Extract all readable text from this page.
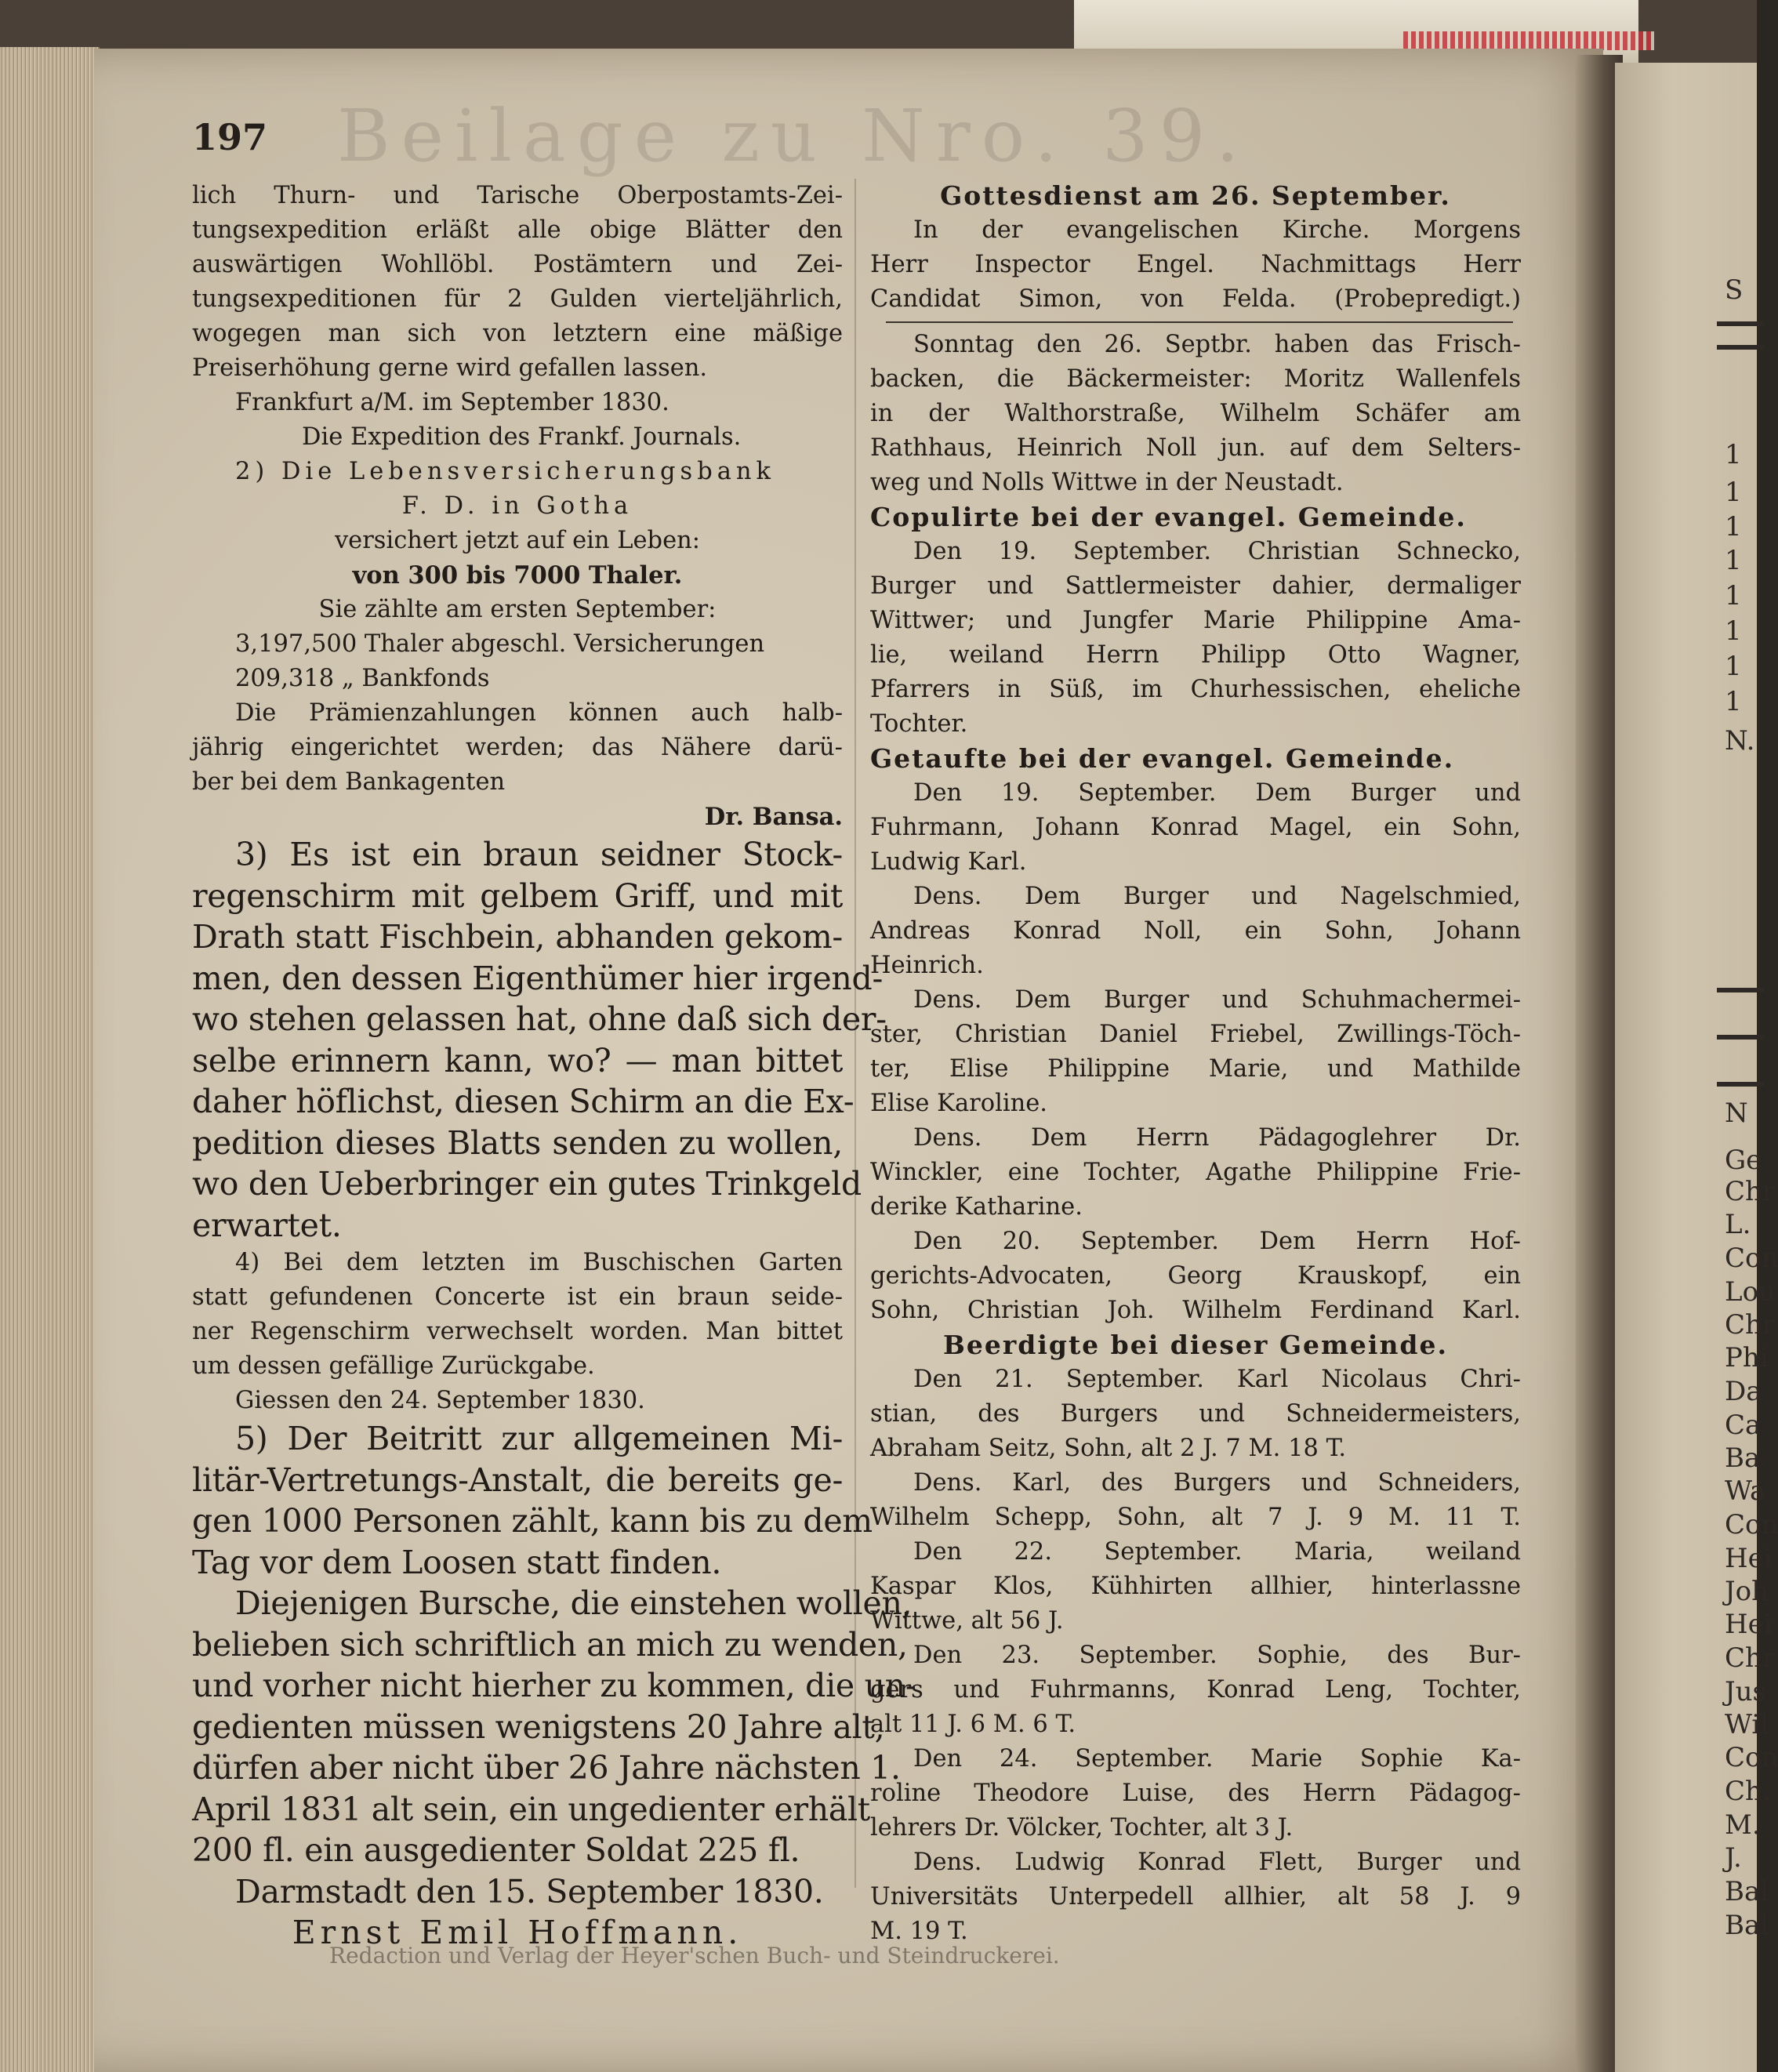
S
1
1
1
1
1
1
1
1
N.
N
Ge
Chr
L.
Con
Lou
Chr
Phi
Da
Ca
Ba
Wa
Con
Hei
Joh
Hei
Chr
Jus
Wil
Con
Ch.
M.
J.
Bal
Bal
Beilage zu Nro. 39.
197
lich Thurn- und Tarische Oberpostamts-Zei-
tungsexpedition erläßt alle obige Blätter den
auswärtigen Wohllöbl. Postämtern und Zei-
tungsexpeditionen für 2 Gulden vierteljährlich,
wogegen man sich von letztern eine mäßige
Preiserhöhung gerne wird gefallen lassen.
Frankfurt a/M. im September 1830.
Die Expedition des Frankf. Journals.
2) Die Lebensversicherungsbank
F. D. in Gotha
versichert jetzt auf ein Leben:
von 300 bis 7000 Thaler.
Sie zählte am ersten September:
3,197,500 Thaler abgeschl. Versicherungen
209,318 „ Bankfonds
Die Prämienzahlungen können auch halb-
jährig eingerichtet werden; das Nähere darü-
ber bei dem Bankagenten
Dr. Bansa.
3) Es ist ein braun seidner Stock-
regenschirm mit gelbem Griff, und mit
Drath statt Fischbein, abhanden gekom-
men, den dessen Eigenthümer hier irgend-
wo stehen gelassen hat, ohne daß sich der-
selbe erinnern kann, wo? — man bittet
daher höflichst, diesen Schirm an die Ex-
pedition dieses Blatts senden zu wollen,
wo den Ueberbringer ein gutes Trinkgeld
erwartet.
4) Bei dem letzten im Buschischen Garten
statt gefundenen Concerte ist ein braun seide-
ner Regenschirm verwechselt worden. Man bittet
um dessen gefällige Zurückgabe.
Giessen den 24. September 1830.
5) Der Beitritt zur allgemeinen Mi-
litär-Vertretungs-Anstalt, die bereits ge-
gen 1000 Personen zählt, kann bis zu dem
Tag vor dem Loosen statt finden.
Diejenigen Bursche, die einstehen wollen,
belieben sich schriftlich an mich zu wenden,
und vorher nicht hierher zu kommen, die un-
gedienten müssen wenigstens 20 Jahre alt,
dürfen aber nicht über 26 Jahre nächsten 1.
April 1831 alt sein, ein ungedienter erhält
200 fl. ein ausgedienter Soldat 225 fl.
Darmstadt den 15. September 1830.
Ernst Emil Hoffmann.
Gottesdienst am 26. September.
In der evangelischen Kirche. Morgens
Herr Inspector Engel. Nachmittags Herr
Candidat Simon, von Felda. (Probepredigt.)
Sonntag den 26. Septbr. haben das Frisch-
backen, die Bäckermeister: Moritz Wallenfels
in der Walthorstraße, Wilhelm Schäfer am
Rathhaus, Heinrich Noll jun. auf dem Selters-
weg und Nolls Wittwe in der Neustadt.
Copulirte bei der evangel. Gemeinde.
Den 19. September. Christian Schnecko,
Burger und Sattlermeister dahier, dermaliger
Wittwer; und Jungfer Marie Philippine Ama-
lie, weiland Herrn Philipp Otto Wagner,
Pfarrers in Süß, im Churhessischen, eheliche
Tochter.
Getaufte bei der evangel. Gemeinde.
Den 19. September. Dem Burger und
Fuhrmann, Johann Konrad Magel, ein Sohn,
Ludwig Karl.
Dens. Dem Burger und Nagelschmied,
Andreas Konrad Noll, ein Sohn, Johann
Heinrich.
Dens. Dem Burger und Schuhmachermei-
ster, Christian Daniel Friebel, Zwillings-Töch-
ter, Elise Philippine Marie, und Mathilde
Elise Karoline.
Dens. Dem Herrn Pädagoglehrer Dr.
Winckler, eine Tochter, Agathe Philippine Frie-
derike Katharine.
Den 20. September. Dem Herrn Hof-
gerichts-Advocaten, Georg Krauskopf, ein
Sohn, Christian Joh. Wilhelm Ferdinand Karl.
Beerdigte bei dieser Gemeinde.
Den 21. September. Karl Nicolaus Chri-
stian, des Burgers und Schneidermeisters,
Abraham Seitz, Sohn, alt 2 J. 7 M. 18 T.
Dens. Karl, des Burgers und Schneiders,
Wilhelm Schepp, Sohn, alt 7 J. 9 M. 11 T.
Den 22. September. Maria, weiland
Kaspar Klos, Kühhirten allhier, hinterlassne
Wittwe, alt 56 J.
Den 23. September. Sophie, des Bur-
gers und Fuhrmanns, Konrad Leng, Tochter,
alt 11 J. 6 M. 6 T.
Den 24. September. Marie Sophie Ka-
roline Theodore Luise, des Herrn Pädagog-
lehrers Dr. Völcker, Tochter, alt 3 J.
Dens. Ludwig Konrad Flett, Burger und
Universitäts Unterpedell allhier, alt 58 J. 9
M. 19 T.
Redaction und Verlag der Heyer'schen Buch- und Steindruckerei.
